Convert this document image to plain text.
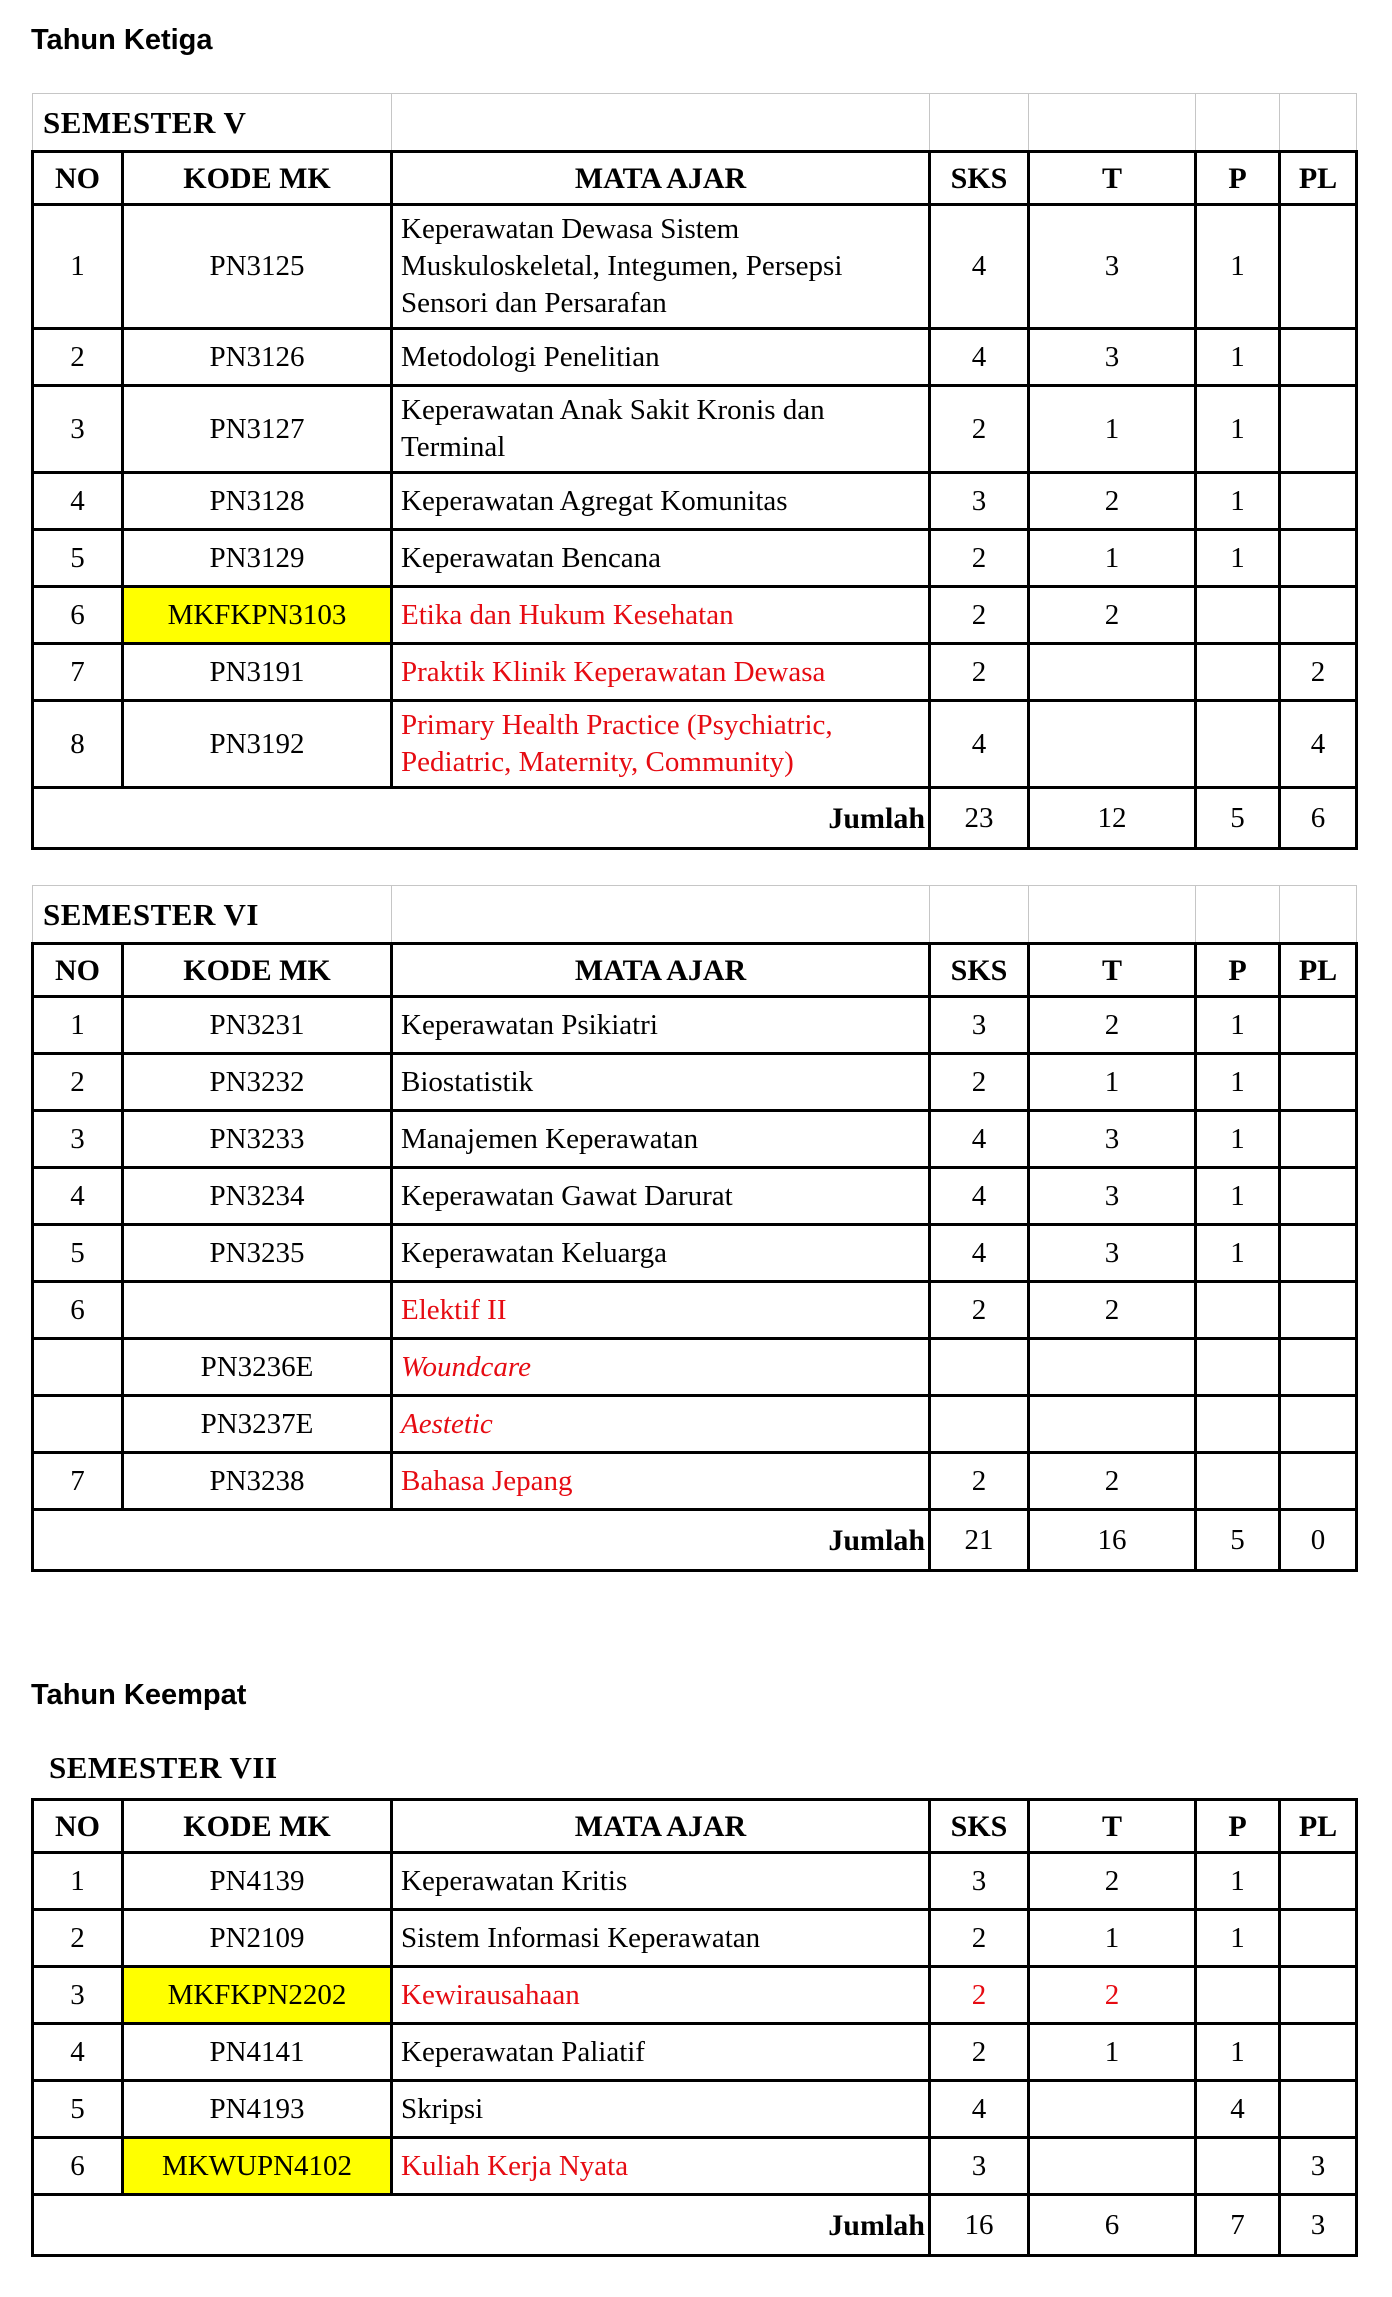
Tahun Ketiga
SEMESTER V						
NO	KODE MK	MATA AJAR	SKS	T	P	PL
1	PN3125	Keperawatan Dewasa Sistem Muskuloskeletal, Integumen, Persepsi Sensori dan Persarafan	4	3	1	
2	PN3126	Metodologi Penelitian	4	3	1	
3	PN3127	Keperawatan Anak Sakit Kronis dan Terminal	2	1	1	
4	PN3128	Keperawatan Agregat Komunitas	3	2	1	
5	PN3129	Keperawatan Bencana	2	1	1	
6	MKFKPN3103	Etika dan Hukum Kesehatan	2	2		
7	PN3191	Praktik Klinik Keperawatan Dewasa	2			2
8	PN3192	Primary Health Practice (Psychiatric, Pediatric, Maternity, Community)	4			4
Jumlah			23	12	5	6
SEMESTER VI						
NO	KODE MK	MATA AJAR	SKS	T	P	PL
1	PN3231	Keperawatan Psikiatri	3	2	1	
2	PN3232	Biostatistik	2	1	1	
3	PN3233	Manajemen Keperawatan	4	3	1	
4	PN3234	Keperawatan Gawat Darurat	4	3	1	
5	PN3235	Keperawatan Keluarga	4	3	1	
6		Elektif II	2	2		
	PN3236E	Woundcare				
	PN3237E	Aestetic				
7	PN3238	Bahasa Jepang	2	2		
Jumlah			21	16	5	0
Tahun Keempat
SEMESTER VII
NO	KODE MK	MATA AJAR	SKS	T	P	PL
1	PN4139	Keperawatan Kritis	3	2	1	
2	PN2109	Sistem Informasi Keperawatan	2	1	1	
3	MKFKPN2202	Kewirausahaan	2	2		
4	PN4141	Keperawatan Paliatif	2	1	1	
5	PN4193	Skripsi	4		4	
6	MKWUPN4102	Kuliah Kerja Nyata	3			3
Jumlah			16	6	7	3
